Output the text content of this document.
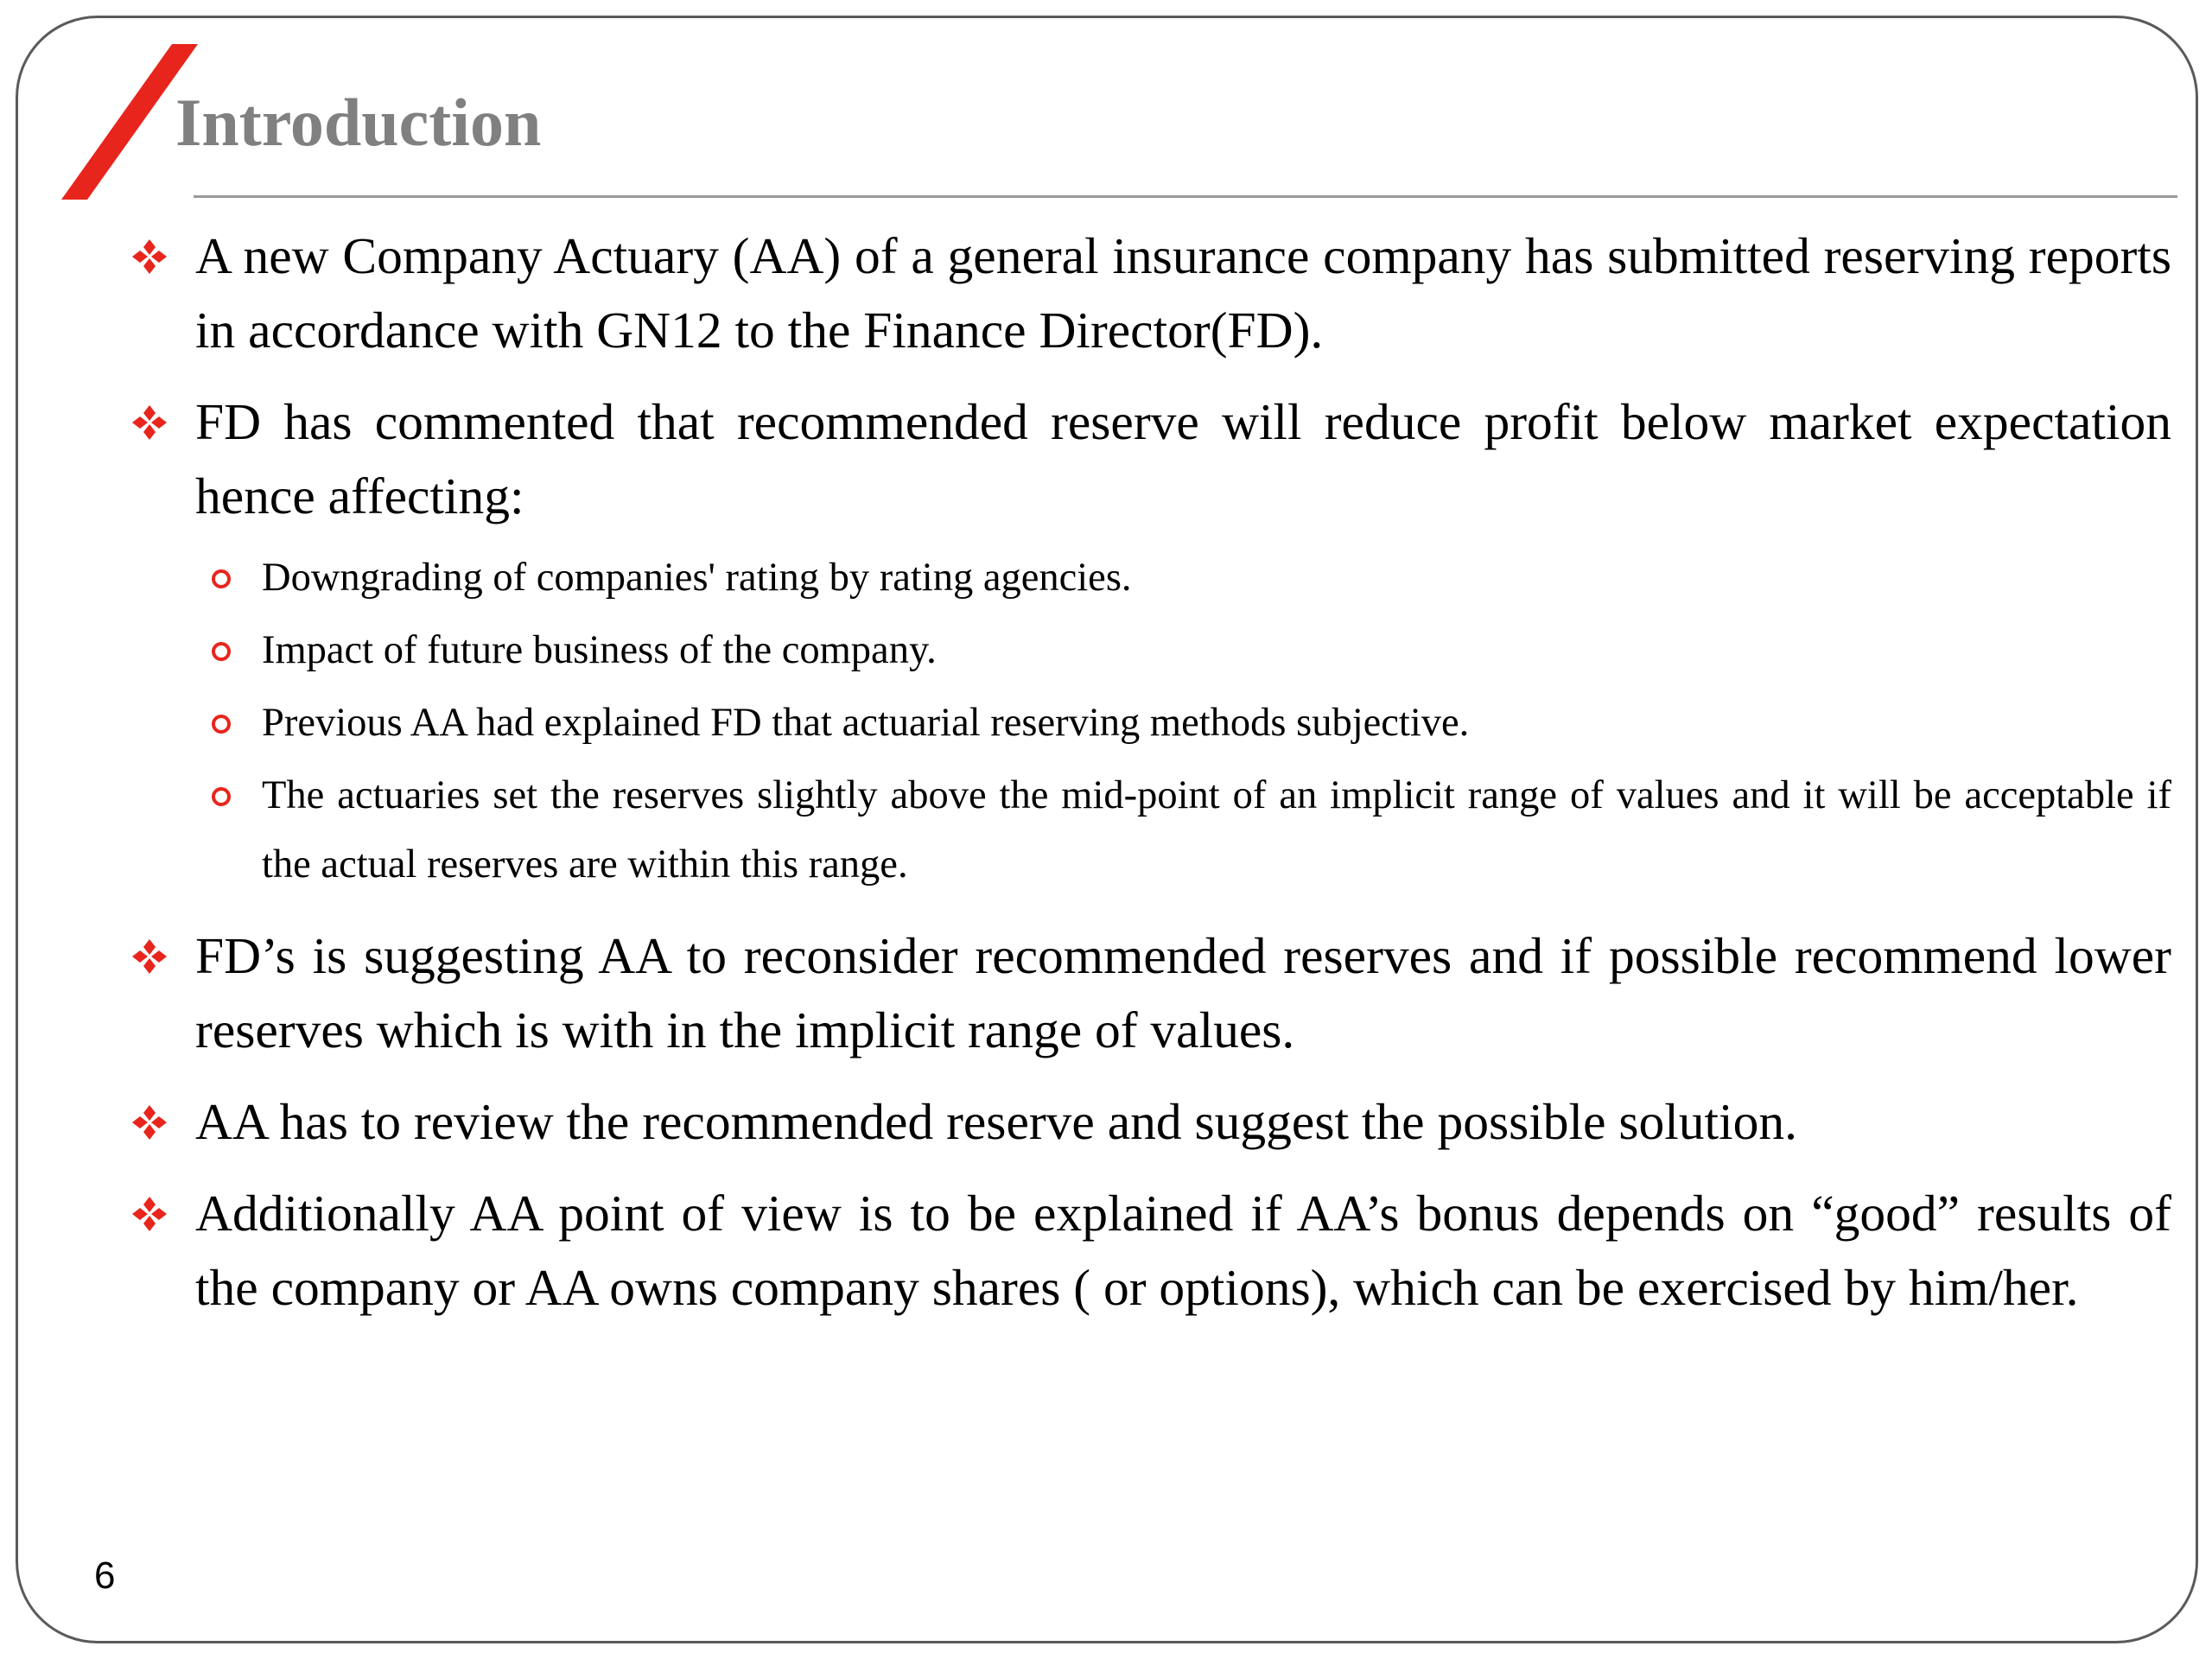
Introduction
A new Company Actuary (AA) of a general insurance company has submitted reserving reports in accordance with GN12 to the Finance Director(FD).
FD has commented that recommended reserve will reduce profit below market expectation hence affecting:
Downgrading of companies' rating by rating agencies.
Impact of future business of the company.
Previous AA had explained FD that actuarial reserving methods subjective.
The actuaries set the reserves slightly above the mid-point of an implicit range of values and it will be acceptable if the actual reserves are within this range.
FD’s is suggesting AA to reconsider recommended reserves and if possible recommend lower reserves which is with in the implicit range of values.
AA has to review the recommended reserve and suggest the possible solution.
Additionally AA point of view is to be explained if AA’s bonus depends on “good” results of the company or AA owns company shares ( or options), which can be exercised by him/her.
6
